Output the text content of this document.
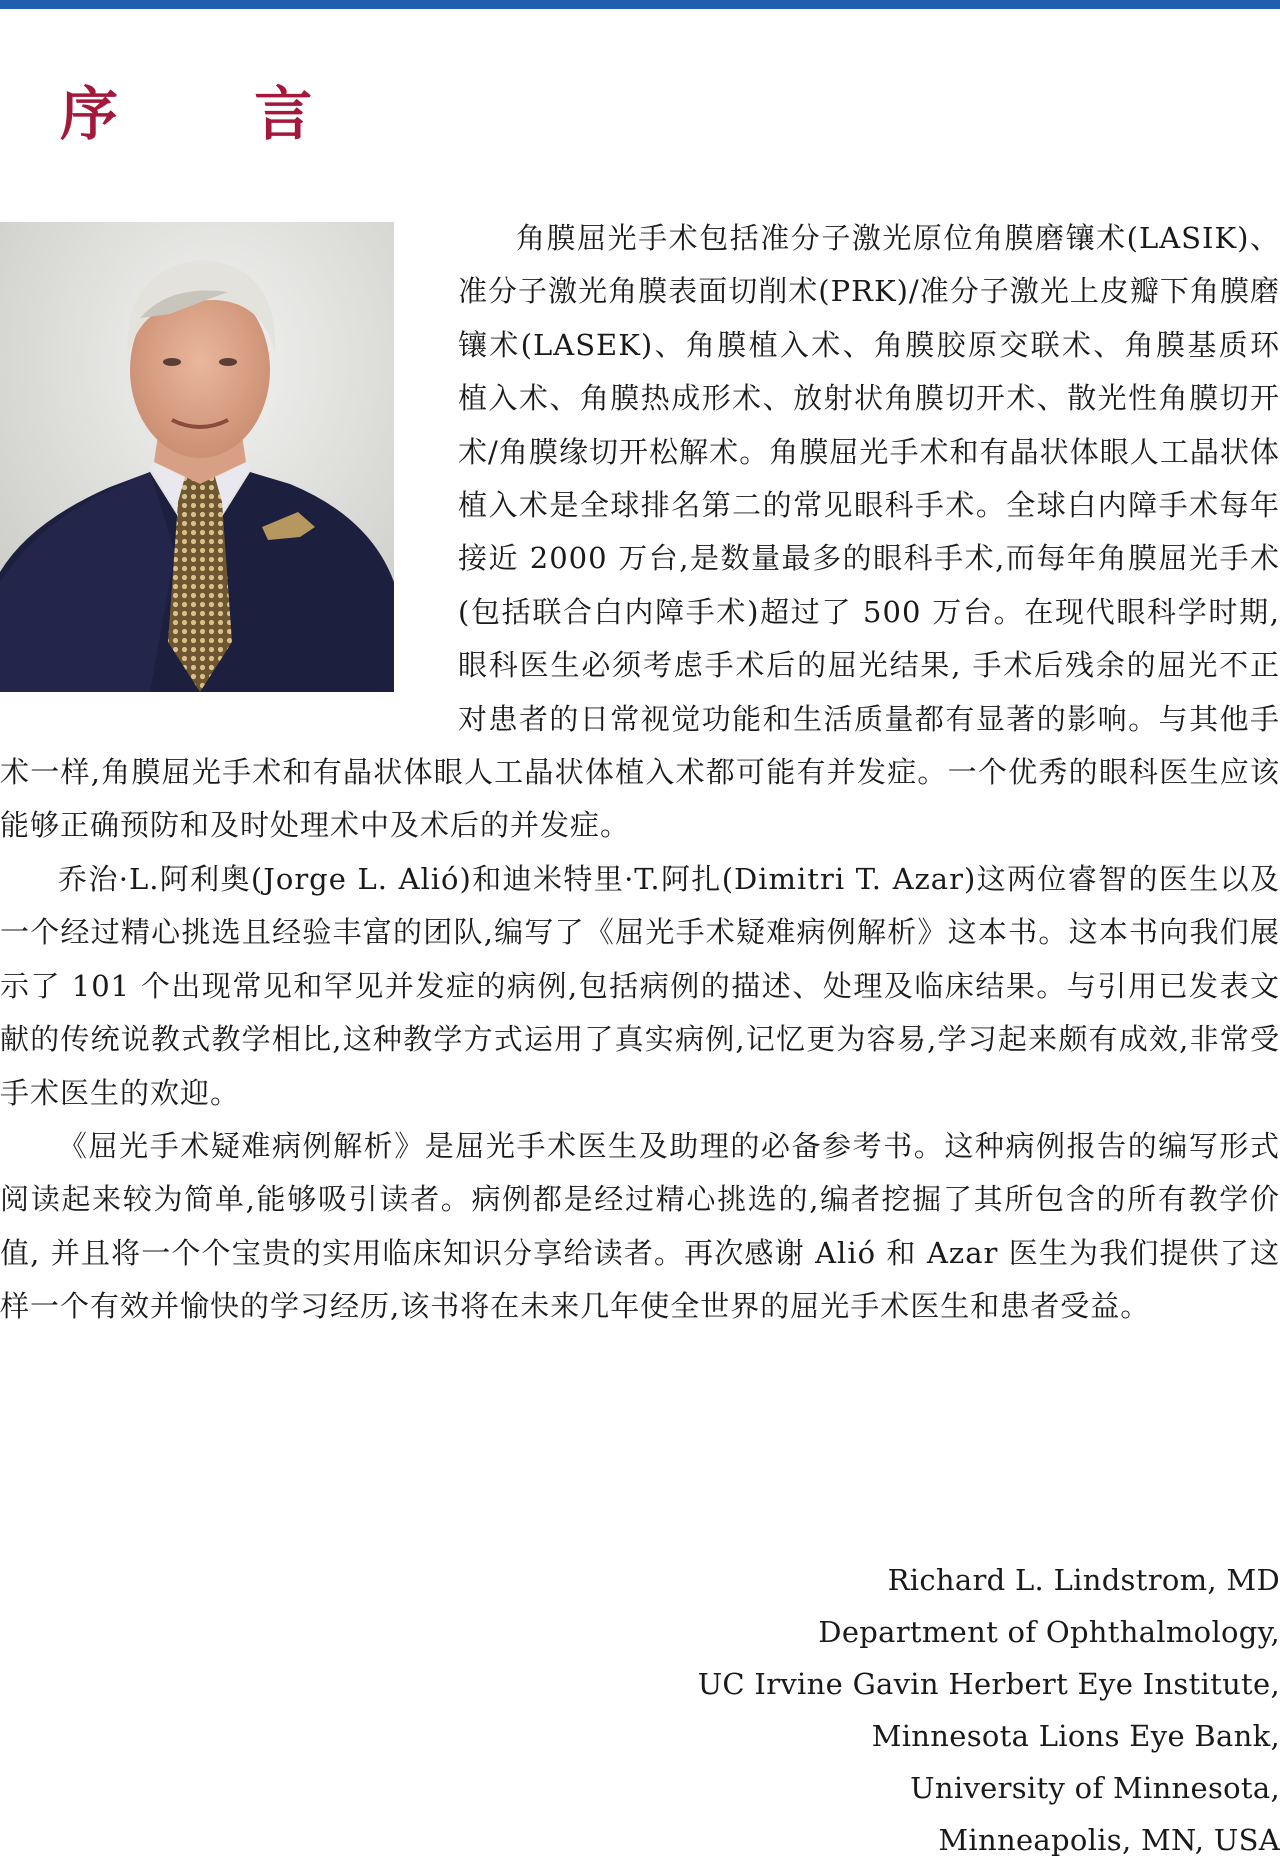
序 言

角膜屈光手术包括准分子激光原位角膜磨镶术(LASIK)、准分子激光角膜表面切削术(PRK)/准分子激光上皮瓣下角膜磨镶术(LASEK)、角膜植入术、角膜胶原交联术、角膜基质环植入术、角膜热成形术、放射状角膜切开术、散光性角膜切开术/角膜缘切开松解术。角膜屈光手术和有晶状体眼人工晶状体植入术是全球排名第二的常见眼科手术。全球白内障手术每年接近 2000 万台,是数量最多的眼科手术,而每年角膜屈光手术(包括联合白内障手术)超过了 500 万台。在现代眼科学时期,眼科医生必须考虑手术后的屈光结果, 手术后残余的屈光不正对患者的日常视觉功能和生活质量都有显著的影响。与其他手术一样,角膜屈光手术和有晶状体眼人工晶状体植入术都可能有并发症。一个优秀的眼科医生应该能够正确预防和及时处理术中及术后的并发症。

乔治·L.阿利奥(Jorge L. Alió)和迪米特里·T.阿扎(Dimitri T. Azar)这两位睿智的医生以及一个经过精心挑选且经验丰富的团队,编写了《屈光手术疑难病例解析》这本书。这本书向我们展示了 101 个出现常见和罕见并发症的病例,包括病例的描述、处理及临床结果。与引用已发表文献的传统说教式教学相比,这种教学方式运用了真实病例,记忆更为容易,学习起来颇有成效,非常受手术医生的欢迎。

《屈光手术疑难病例解析》是屈光手术医生及助理的必备参考书。这种病例报告的编写形式阅读起来较为简单,能够吸引读者。病例都是经过精心挑选的,编者挖掘了其所包含的所有教学价值, 并且将一个个宝贵的实用临床知识分享给读者。再次感谢 Alió 和 Azar 医生为我们提供了这样一个有效并愉快的学习经历,该书将在未来几年使全世界的屈光手术医生和患者受益。

Richard L. Lindstrom, MD
Department of Ophthalmology,
UC Irvine Gavin Herbert Eye Institute,
Minnesota Lions Eye Bank,
University of Minnesota,
Minneapolis, MN, USA
